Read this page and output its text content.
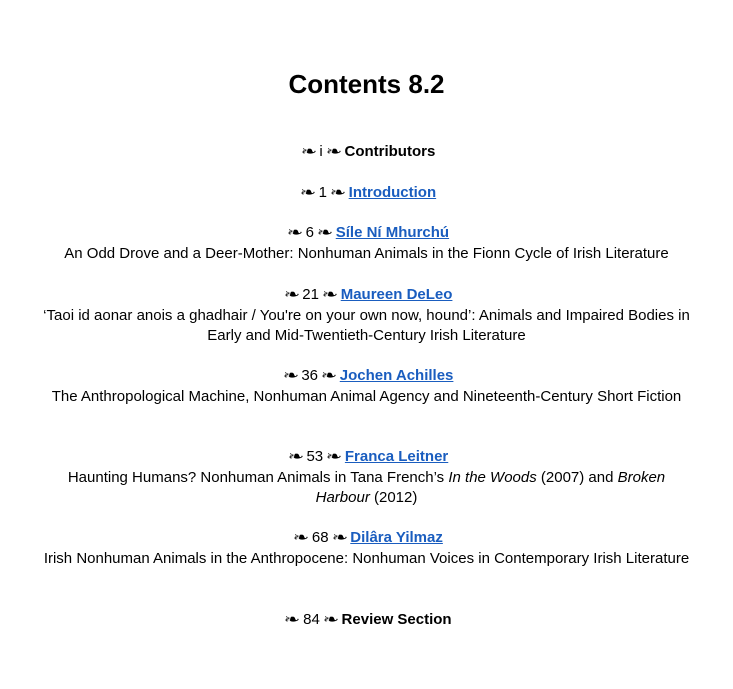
Contents 8.2
❧ i ❧ Contributors
❧ 1 ❧ Introduction
❧ 6 ❧ Síle Ní Mhurchú
An Odd Drove and a Deer-Mother: Nonhuman Animals in the Fionn Cycle of Irish Literature
❧ 21 ❧ Maureen DeLeo
‘Taoi id aonar anois a ghadhair / You're on your own now, hound’: Animals and Impaired Bodies in Early and Mid-Twentieth-Century Irish Literature
❧ 36 ❧ Jochen Achilles
The Anthropological Machine, Nonhuman Animal Agency and Nineteenth-Century Short Fiction
❧ 53 ❧ Franca Leitner
Haunting Humans? Nonhuman Animals in Tana French’s In the Woods (2007) and Broken Harbour (2012)
❧ 68 ❧ Dilâra Yilmaz
Irish Nonhuman Animals in the Anthropocene: Nonhuman Voices in Contemporary Irish Literature
❧ 84 ❧ Review Section
